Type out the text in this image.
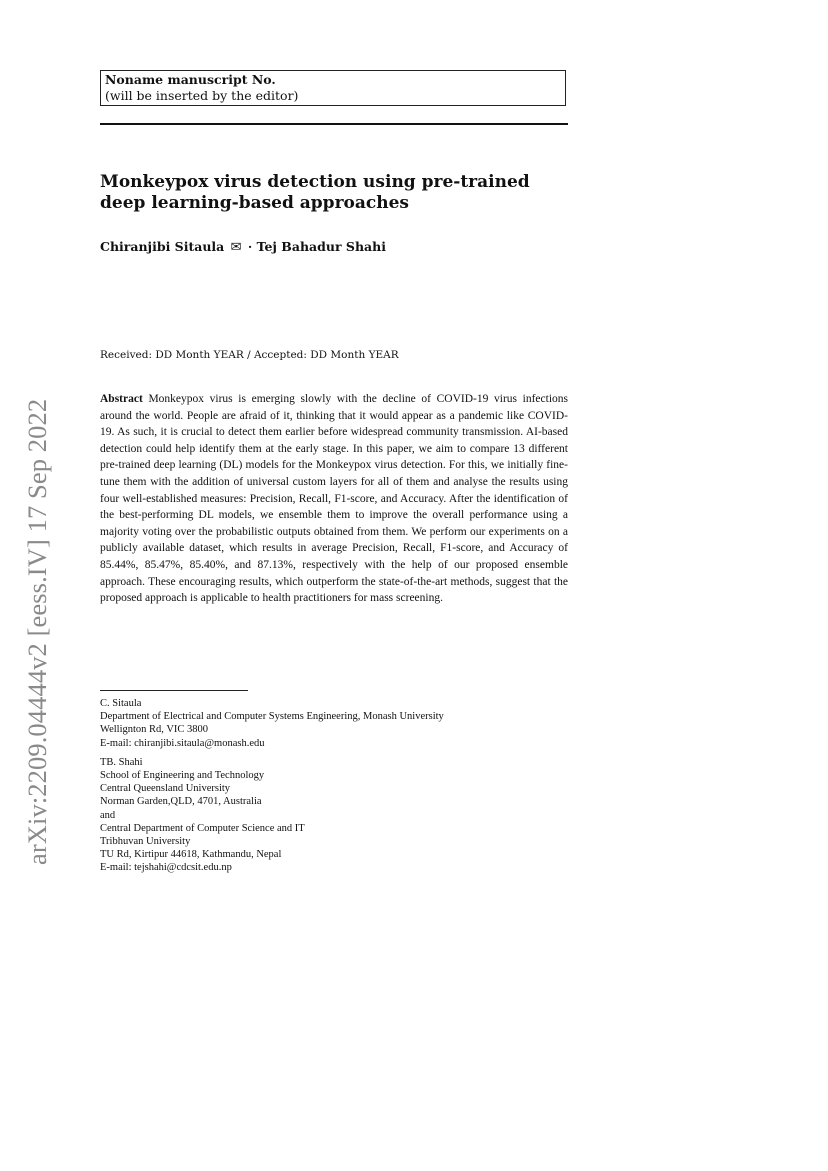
Noname manuscript No.
(will be inserted by the editor)
Monkeypox virus detection using pre-trained deep learning-based approaches
Chiranjibi Sitaula ✉ · Tej Bahadur Shahi
Received: DD Month YEAR / Accepted: DD Month YEAR
Abstract Monkeypox virus is emerging slowly with the decline of COVID-19 virus infections around the world. People are afraid of it, thinking that it would appear as a pandemic like COVID-19. As such, it is crucial to detect them earlier before widespread community transmission. AI-based detection could help identify them at the early stage. In this paper, we aim to compare 13 different pre-trained deep learning (DL) models for the Monkeypox virus detection. For this, we initially fine-tune them with the addition of universal custom layers for all of them and analyse the results using four well-established measures: Precision, Recall, F1-score, and Accuracy. After the identification of the best-performing DL models, we ensemble them to improve the overall performance using a majority voting over the probabilistic outputs obtained from them. We perform our experiments on a publicly available dataset, which results in average Precision, Recall, F1-score, and Accuracy of 85.44%, 85.47%, 85.40%, and 87.13%, respectively with the help of our proposed ensemble approach. These encouraging results, which outperform the state-of-the-art methods, suggest that the proposed approach is applicable to health practitioners for mass screening.
C. Sitaula
Department of Electrical and Computer Systems Engineering, Monash University
Wellignton Rd, VIC 3800
E-mail: chiranjibi.sitaula@monash.edu
TB. Shahi
School of Engineering and Technology
Central Queensland University
Norman Garden,QLD, 4701, Australia
and
Central Department of Computer Science and IT
Tribhuvan University
TU Rd, Kirtipur 44618, Kathmandu, Nepal
E-mail: tejshahi@cdcsit.edu.np
arXiv:2209.04444v2 [eess.IV] 17 Sep 2022
